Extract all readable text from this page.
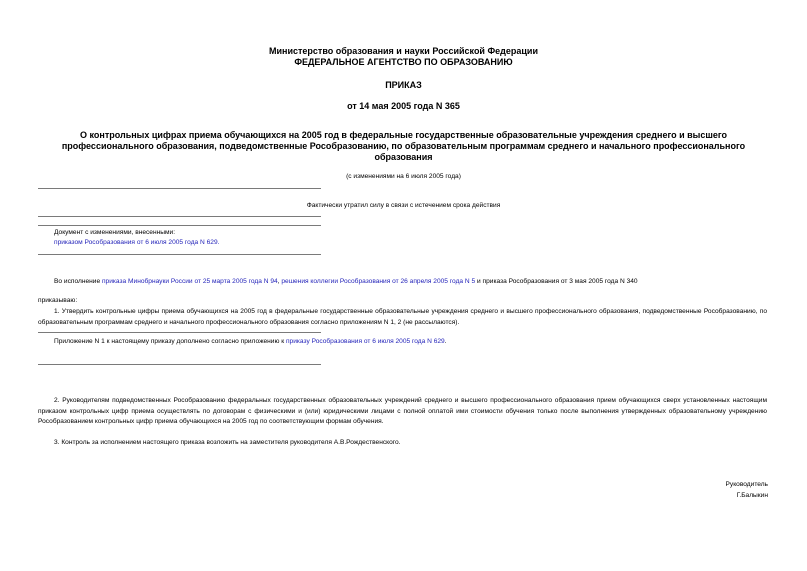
Министерство образования и науки Российской Федерации
ФЕДЕРАЛЬНОЕ АГЕНТСТВО ПО ОБРАЗОВАНИЮ
ПРИКАЗ
от 14 мая 2005 года N 365
О контрольных цифрах приема обучающихся на 2005 год в федеральные государственные образовательные учреждения среднего и высшего профессионального образования, подведомственные Рособразованию, по образовательным программам среднего и начального профессионального образования
(с изменениями на 6 июля 2005 года)
Фактически утратил силу в связи с истечением срока действия
Документ с изменениями, внесенными:
приказом Рособразования от 6 июля 2005 года N 629.
Во исполнение приказа Минобрнауки России от 25 марта 2005 года N 94, решения коллегии Рособразования от 26 апреля 2005 года N 5 и приказа Рособразования от 3 мая 2005 года N 340
приказываю:
1. Утвердить контрольные цифры приема обучающихся на 2005 год в федеральные государственные образовательные учреждения среднего и высшего профессионального образования, подведомственные Рособразованию, по образовательным программам среднего и начального профессионального образования согласно приложениям N 1, 2 (не рассылаются).
Приложение N 1 к настоящему приказу дополнено согласно приложению к приказу Рособразования от 6 июля 2005 года N 629.
2. Руководителям подведомственных Рособразованию федеральных государственных образовательных учреждений среднего и высшего профессионального образования прием обучающихся сверх установленных настоящим приказом контрольных цифр приема осуществлять по договорам с физическими и (или) юридическими лицами с полной оплатой ими стоимости обучения только после выполнения утвержденных образовательному учреждению Рособразованием контрольных цифр приема обучающихся на 2005 год по соответствующим формам обучения.
3. Контроль за исполнением настоящего приказа возложить на заместителя руководителя А.В.Рождественского.
Руководитель
Г.Балыкин
